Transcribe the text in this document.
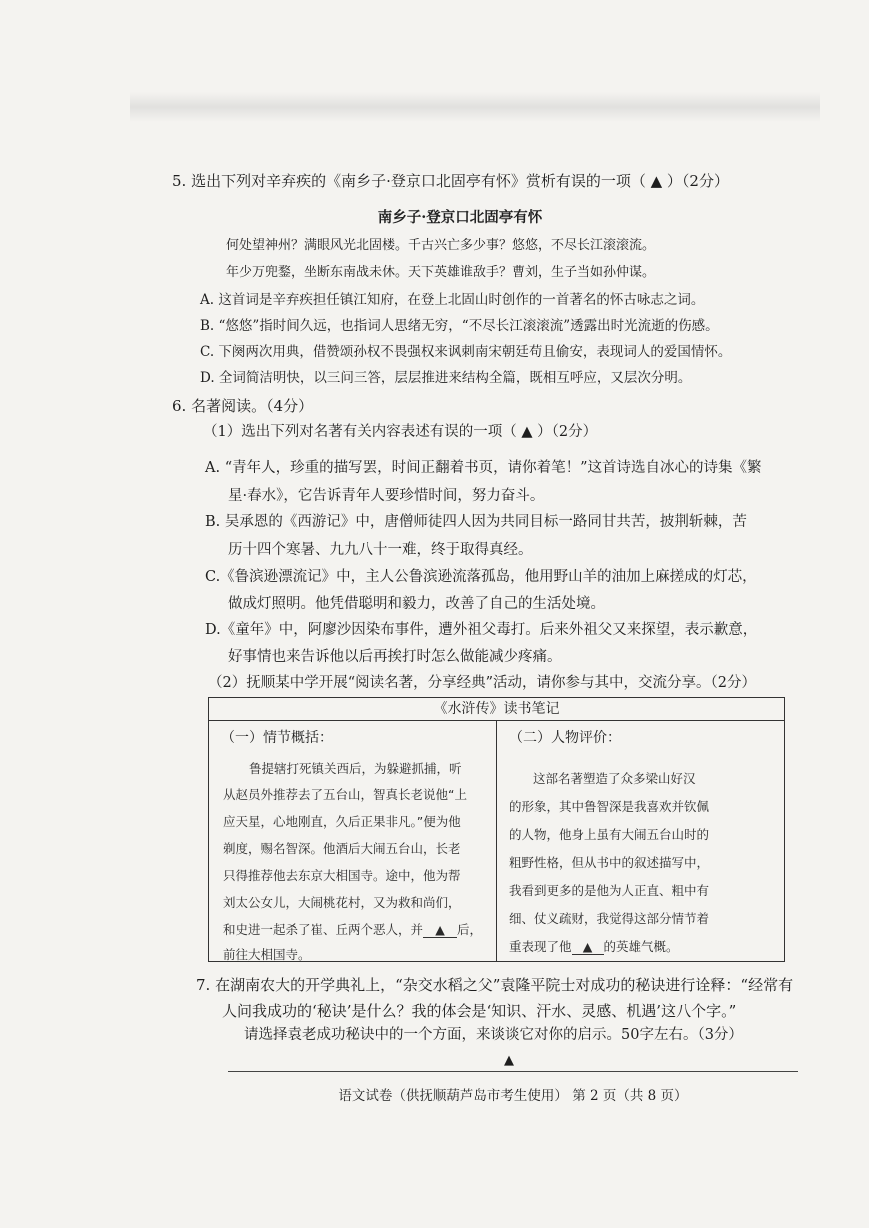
5. 选出下列对辛弃疾的《南乡子·登京口北固亭有怀》赏析有误的一项（ ▲ ）（2分）
南乡子·登京口北固亭有怀
何处望神州？满眼风光北固楼。千古兴亡多少事？悠悠，不尽长江滚滚流。
年少万兜鍪，坐断东南战未休。天下英雄谁敌手？曹刘，生子当如孙仲谋。
A. 这首词是辛弃疾担任镇江知府，在登上北固山时创作的一首著名的怀古咏志之词。
B. “悠悠”指时间久远，也指词人思绪无穷，“不尽长江滚滚流”透露出时光流逝的伤感。
C. 下阕两次用典，借赞颂孙权不畏强权来讽刺南宋朝廷苟且偷安，表现词人的爱国情怀。
D. 全词简洁明快，以三问三答，层层推进来结构全篇，既相互呼应，又层次分明。
6. 名著阅读。（4分）
（1）选出下列对名著有关内容表述有误的一项（ ▲ ）（2分）
A. “青年人，珍重的描写罢，时间正翻着书页，请你着笔！”这首诗选自冰心的诗集《繁
星·春水》，它告诉青年人要珍惜时间，努力奋斗。
B. 吴承恩的《西游记》中，唐僧师徒四人因为共同目标一路同甘共苦，披荆斩棘，苦
历十四个寒暑、九九八十一难，终于取得真经。
C.《鲁滨逊漂流记》中，主人公鲁滨逊流落孤岛，他用野山羊的油加上麻搓成的灯芯，
做成灯照明。他凭借聪明和毅力，改善了自己的生活处境。
D.《童年》中，阿廖沙因染布事件，遭外祖父毒打。后来外祖父又来探望，表示歉意，
好事情也来告诉他以后再挨打时怎么做能减少疼痛。
（2）抚顺某中学开展“阅读名著，分享经典”活动，请你参与其中，交流分享。（2分）
《水浒传》读书笔记

（一）情节概括：
鲁提辖打死镇关西后，为躲避抓捕，听
从赵员外推荐去了五台山，智真长老说他“上
应天星，心地刚直，久后正果非凡。”便为他
剃度，赐名智深。他酒后大闹五台山，长老
只得推荐他去东京大相国寺。途中，他为帮
刘太公女儿，大闹桃花村，又为救和尚们，
和史进一起杀了崔、丘两个恶人，并 ▲ 后，
前往大相国寺。

（二）人物评价：
这部名著塑造了众多梁山好汉
的形象，其中鲁智深是我喜欢并钦佩
的人物，他身上虽有大闹五台山时的
粗野性格，但从书中的叙述描写中，
我看到更多的是他为人正直、粗中有
细、仗义疏财，我觉得这部分情节着
重表现了他 ▲ 的英雄气概。
7. 在湖南农大的开学典礼上，“杂交水稻之父”袁隆平院士对成功的秘诀进行诠释：“经常有
人问我成功的‘秘诀’是什么？我的体会是‘知识、汗水、灵感、机遇’这八个字。”
请选择袁老成功秘诀中的一个方面，来谈谈它对你的启示。50字左右。（3分）
▲
语文试卷（供抚顺葫芦岛市考生使用） 第 2 页（共 8 页）
